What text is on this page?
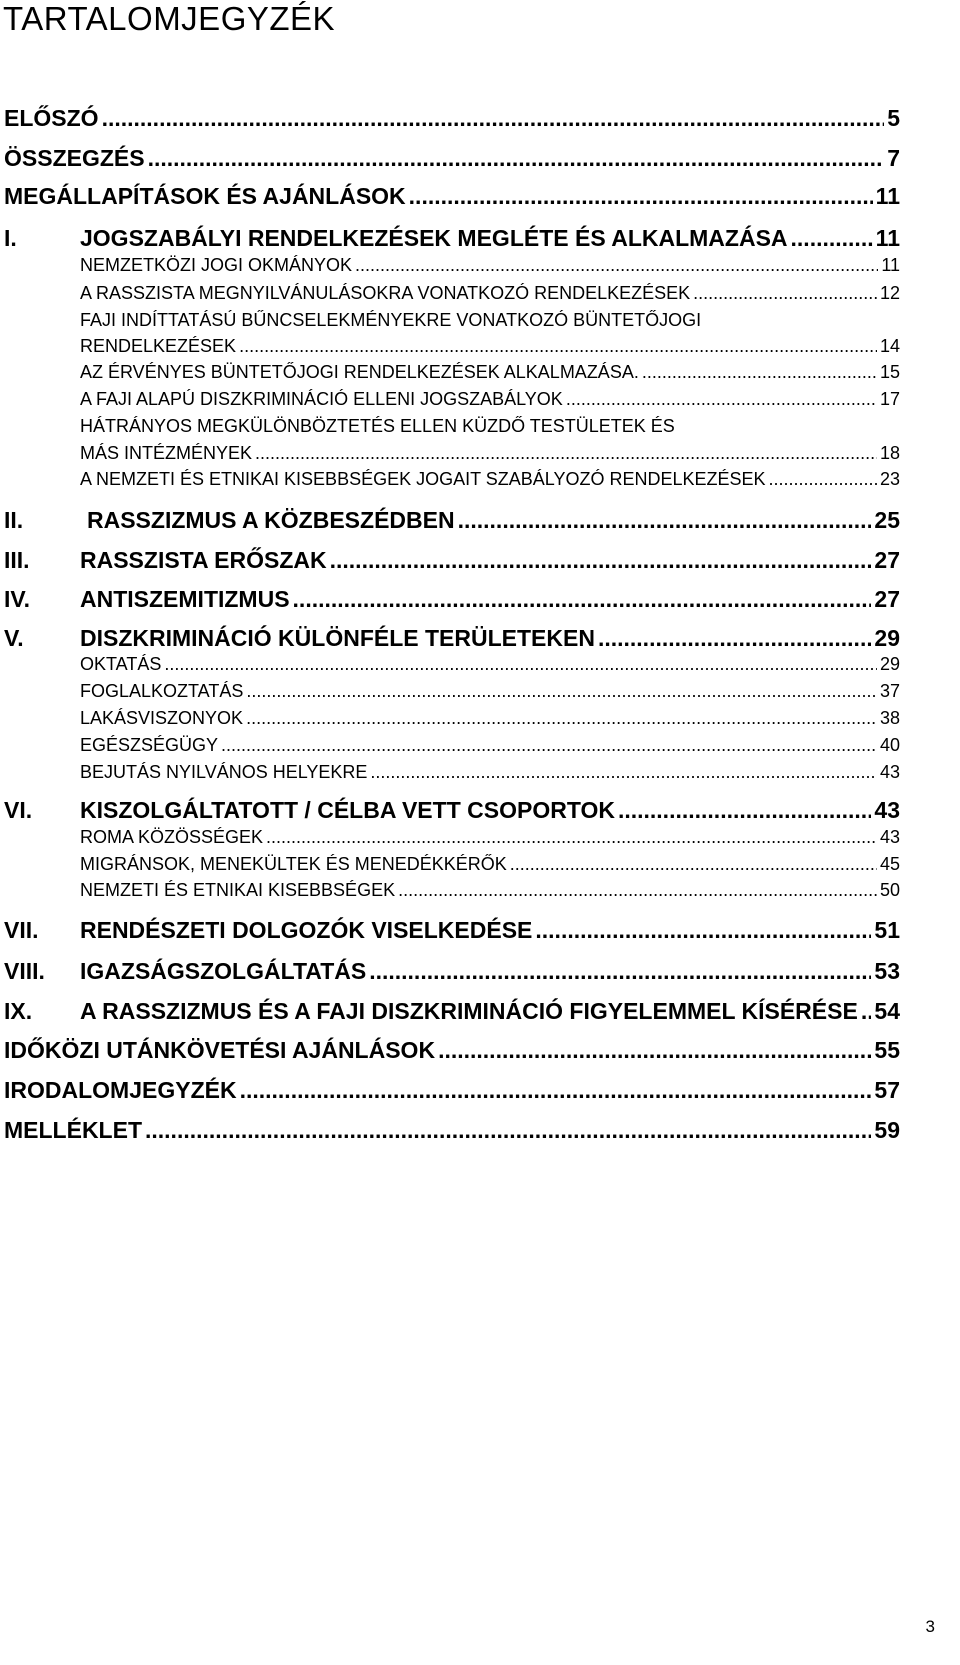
TARTALOMJEGYZÉK
ELŐSZÓ .....	5
ÖSSZEGZÉS .....	7
MEGÁLLAPÍTÁSOK ÉS AJÁNLÁSOK .....	11
I.	JOGSZABÁLYI RENDELKEZÉSEK MEGLÉTE ÉS ALKALMAZÁSA .....	11
NEMZETKÖZI JOGI OKMÁNYOK .....	11
A RASSZISTA MEGNYILVÁNULÁSOKRA VONATKOZÓ RENDELKEZÉSEK .....	12
FAJI INDÍTTATÁSÚ BŰNCSELEKMÉNYEKRE VONATKOZÓ BÜNTETŐJOGI
RENDELKEZÉSEK .....	14
AZ ÉRVÉNYES BÜNTETŐJOGI RENDELKEZÉSEK ALKALMAZÁSA. .....	15
A FAJI ALAPÚ DISZKRIMINÁCIÓ ELLENI JOGSZABÁLYOK .....	17
HÁTRÁNYOS MEGKÜLÖNBÖZTETÉS ELLEN KÜZDŐ TESTÜLETEK ÉS
MÁS INTÉZMÉNYEK .....	18
A NEMZETI ÉS ETNIKAI KISEBBSÉGEK JOGAIT SZABÁLYOZÓ RENDELKEZÉSEK .....	23
II.	RASSZIZMUS A KÖZBESZÉDBEN .....	25
III. RASSZISTA ERŐSZAK .....	27
IV. ANTISZEMITIZMUS .....	27
V. DISZKRIMINÁCIÓ KÜLÖNFÉLE TERÜLETEKEN .....	29
OKTATÁS .....	29
FOGLALKOZTATÁS .....	37
LAKÁSVISZONYOK .....	38
EGÉSZSÉGÜGY .....	40
BEJUTÁS NYILVÁNOS HELYEKRE .....	43
VI. KISZOLGÁLTATOTT / CÉLBA VETT CSOPORTOK .....	43
ROMA KÖZÖSSÉGEK .....	43
MIGRÁNSOK, MENEKÜLTEK ÉS MENEDÉKKÉRŐK .....	45
NEMZETI ÉS ETNIKAI KISEBBSÉGEK .....	50
VII. RENDÉSZETI DOLGOZÓK VISELKEDÉSE .....	51
VIII. IGAZSÁGSZOLGÁLTATÁS .....	53
IX. A RASSZIZMUS ÉS A FAJI DISZKRIMINÁCIÓ FIGYELEMMEL KÍSÉRÉSE ..... 54
IDŐKÖZI UTÁNKÖVETÉSI AJÁNLÁSOK .....	55
IRODALOMJEGYZÉK .....	57
MELLÉKLET .....	59
3
